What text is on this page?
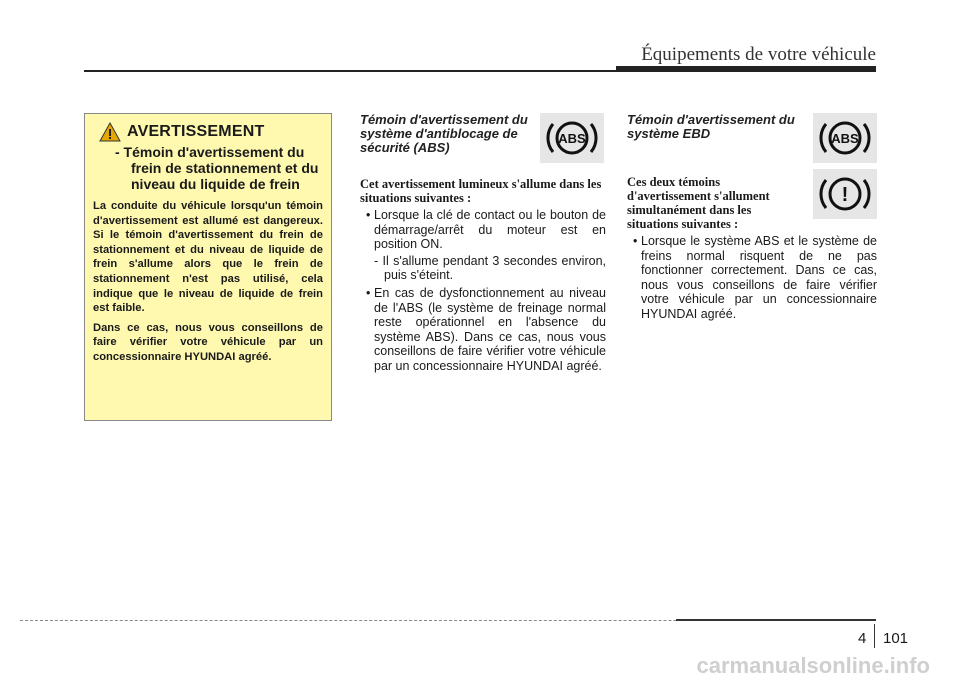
Équipements de votre véhicule
AVERTISSEMENT
- Témoin d'avertissement du frein de stationnement et du niveau du liquide de frein
La conduite du véhicule lorsqu'un témoin d'avertissement est allumé est dangereux. Si le témoin d'avertissement du frein de stationnement et du niveau de liquide de frein s'allume alors que le frein de stationnement n'est pas utilisé, cela indique que le niveau de liquide de frein est faible.
Dans ce cas, nous vous conseillons de faire vérifier votre véhicule par un concessionnaire HYUNDAI agréé.
Témoin d'avertissement du système d'antiblocage de sécurité (ABS)
ABS
Cet avertissement lumineux s'allume dans les situations suivantes :
• Lorsque la clé de contact ou le bouton de démarrage/arrêt du moteur est en position ON.
- Il s'allume pendant 3 secondes environ, puis s'éteint.
• En cas de dysfonctionnement au niveau de l'ABS (le système de freinage normal reste opérationnel en l'absence du système ABS). Dans ce cas, nous vous conseillons de faire vérifier votre véhicule par un concessionnaire HYUNDAI agréé.
Témoin d'avertissement du système EBD	ABS
!
Ces deux témoins d'avertissement s'allument simultanément dans les situations suivantes :
• Lorsque le système ABS et le système de freins normal risquent de ne pas fonctionner correctement. Dans ce cas, nous vous conseillons de faire vérifier votre véhicule par un concessionnaire HYUNDAI agréé.
4 101
carmanualsonline.info
